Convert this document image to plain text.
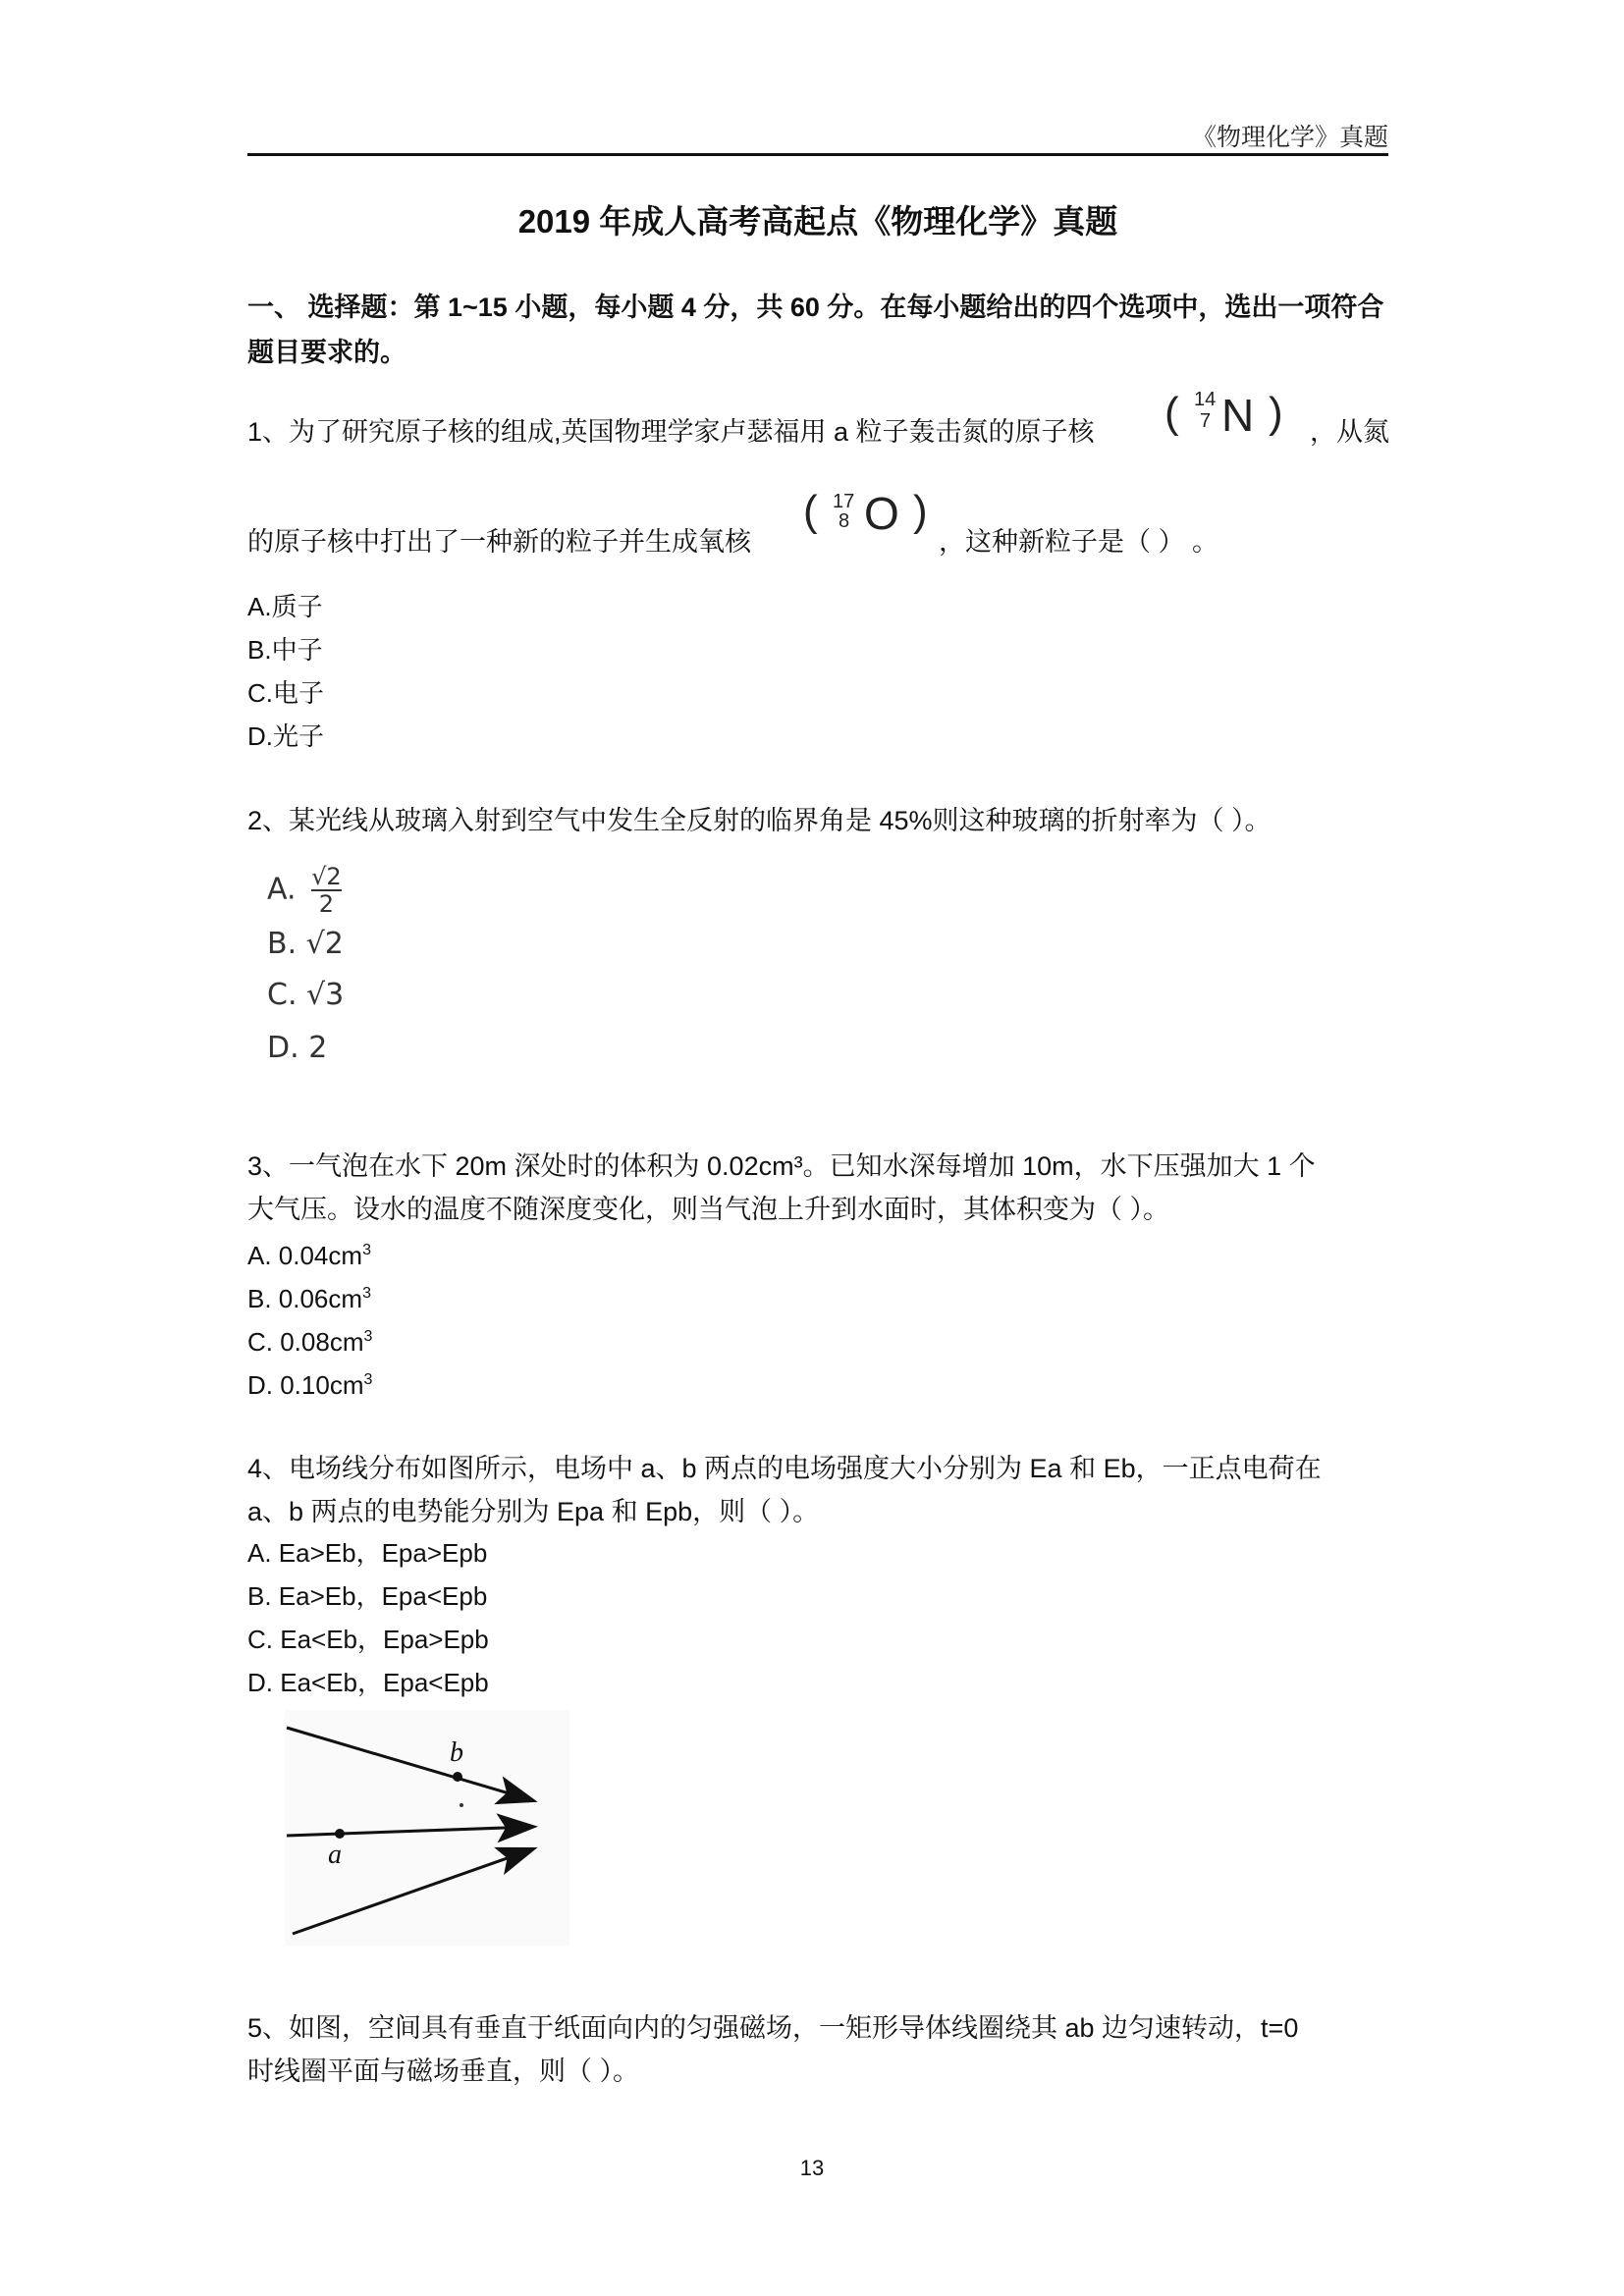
《物理化学》真题
2019 年成人高考高起点《物理化学》真题
一、 选择题：第 1~15 小题，每小题 4 分，共 60 分。在每小题给出的四个选项中，选出一项符合题目要求的。
1、为了研究原子核的组成,英国物理学家卢瑟福用 a 粒子轰击氮的原子核	( 14
7 N ) ，从氮
的原子核中打出了一种新的粒子并生成氧核
( 17
8 O )
，这种新粒子是（ ） 。
A.质子
B.中子
C.电子
D.光子
2、某光线从玻璃入射到空气中发生全反射的临界角是 45%则这种玻璃的折射率为（ ）。
A. $\frac{√2}{2}$
B. √2
C. √3
D. 2
3、一气泡在水下 20m 深处时的体积为 0.02cm³。已知水深每增加 10m，水下压强加大 1 个
大气压。设水的温度不随深度变化，则当气泡上升到水面时，其体积变为（ ）。
A. $0.04cm^3$
B. $0.06cm^3$
C. $0.08cm^3$
D. $0.10cm^3$
4、电场线分布如图所示，电场中 a、b 两点的电场强度大小分别为 Ea 和 Eb，一正点电荷在
a、b 两点的电势能分别为 Epa 和 Epb，则（ ）。
A. Ea>Eb，Epa>Epb
B. Ea>Eb，Epa<Epb
C. Ea<Eb，Epa>Epb
D. Ea<Eb，Epa<Epb
b
a
5、如图，空间具有垂直于纸面向内的匀强磁场，一矩形导体线圈绕其 ab 边匀速转动，t=0
时线圈平面与磁场垂直，则（ ）。
13
